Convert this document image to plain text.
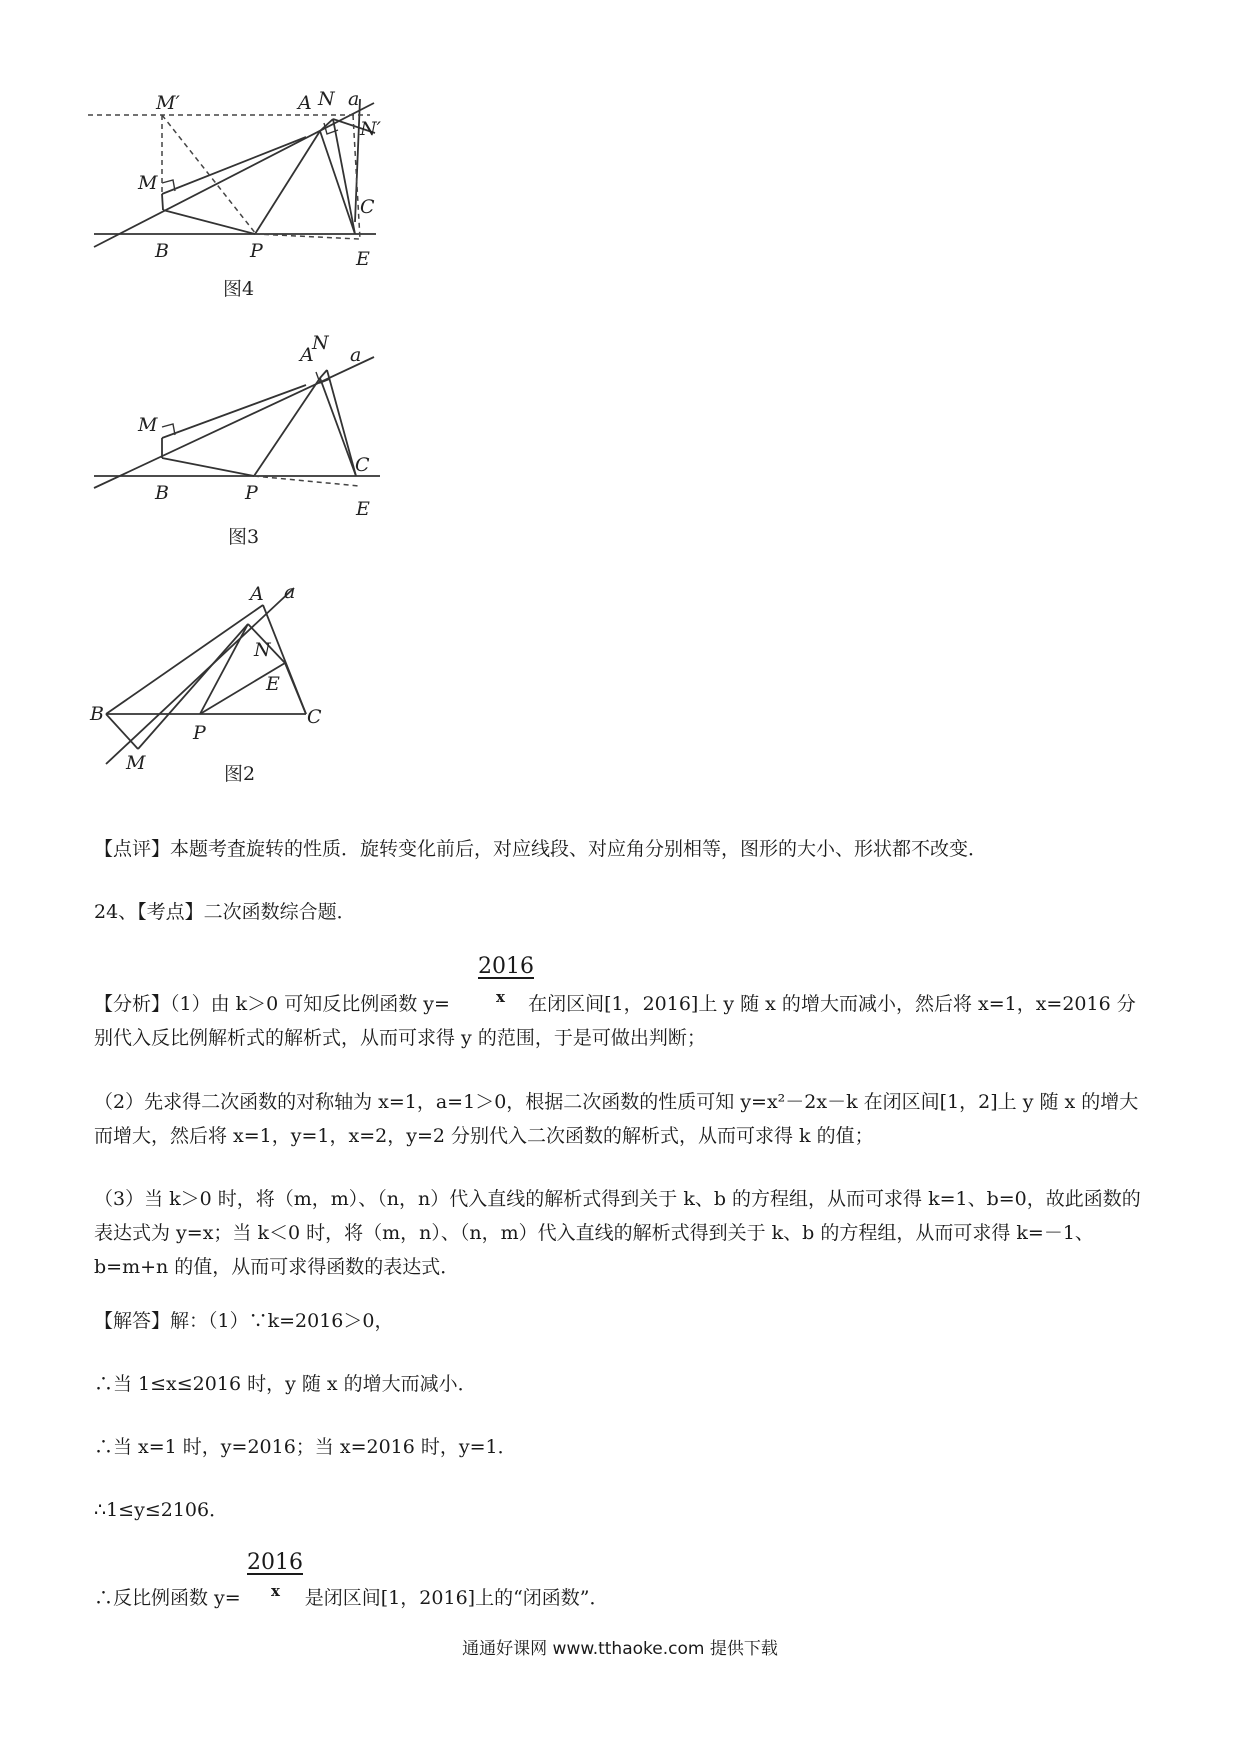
M′	A N a
N′
M
C
B	P	E
图4
A
N
a
M
C
B	P
E
图3
A a
N
E
B
P
C
M	图2
【点评】本题考査旋转的性质．旋转变化前后，对应线段、对应角分别相等，图形的大小、形状都不改变．
24、【考点】二次函数综合题．
2016
【分析】（1）由 k＞0 可知反比例函数 y=	在闭区间[1，2016]上 y 随 x 的增大而减小，然后将 x=1，x=2016 分
x
别代入反比例解析式的解析式，从而可求得 y 的范围，于是可做出判断；
（2）先求得二次函数的对称轴为 x=1，a=1＞0，根据二次函数的性质可知 y=x²－2x－k 在闭区间[1，2]上 y 随 x 的增大而增大，然后将 x=1，y=1，x=2，y=2 分别代入二次函数的解析式，从而可求得 k 的值；
（3）当 k＞0 时，将（m，m）、（n，n）代入直线的解析式得到关于 k、b 的方程组，从而可求得 k=1、b=0，故此函数的表达式为 y=x；当 k＜0 时，将（m，n）、（n，m）代入直线的解析式得到关于 k、b 的方程组，从而可求得 k=－1、b=m+n 的值，从而可求得函数的表达式．
【解答】解：（1）∵k=2016＞0，
∴当 1≤x≤2016 时，y 随 x 的增大而减小．
∴当 x=1 时，y=2016；当 x=2016 时，y=1．
∴1≤y≤2106．
2016
∴反比例函数 y=	是闭区间[1，2016]上的“闭函数”．
x
通通好课网 www.tthaoke.com 提供下载
